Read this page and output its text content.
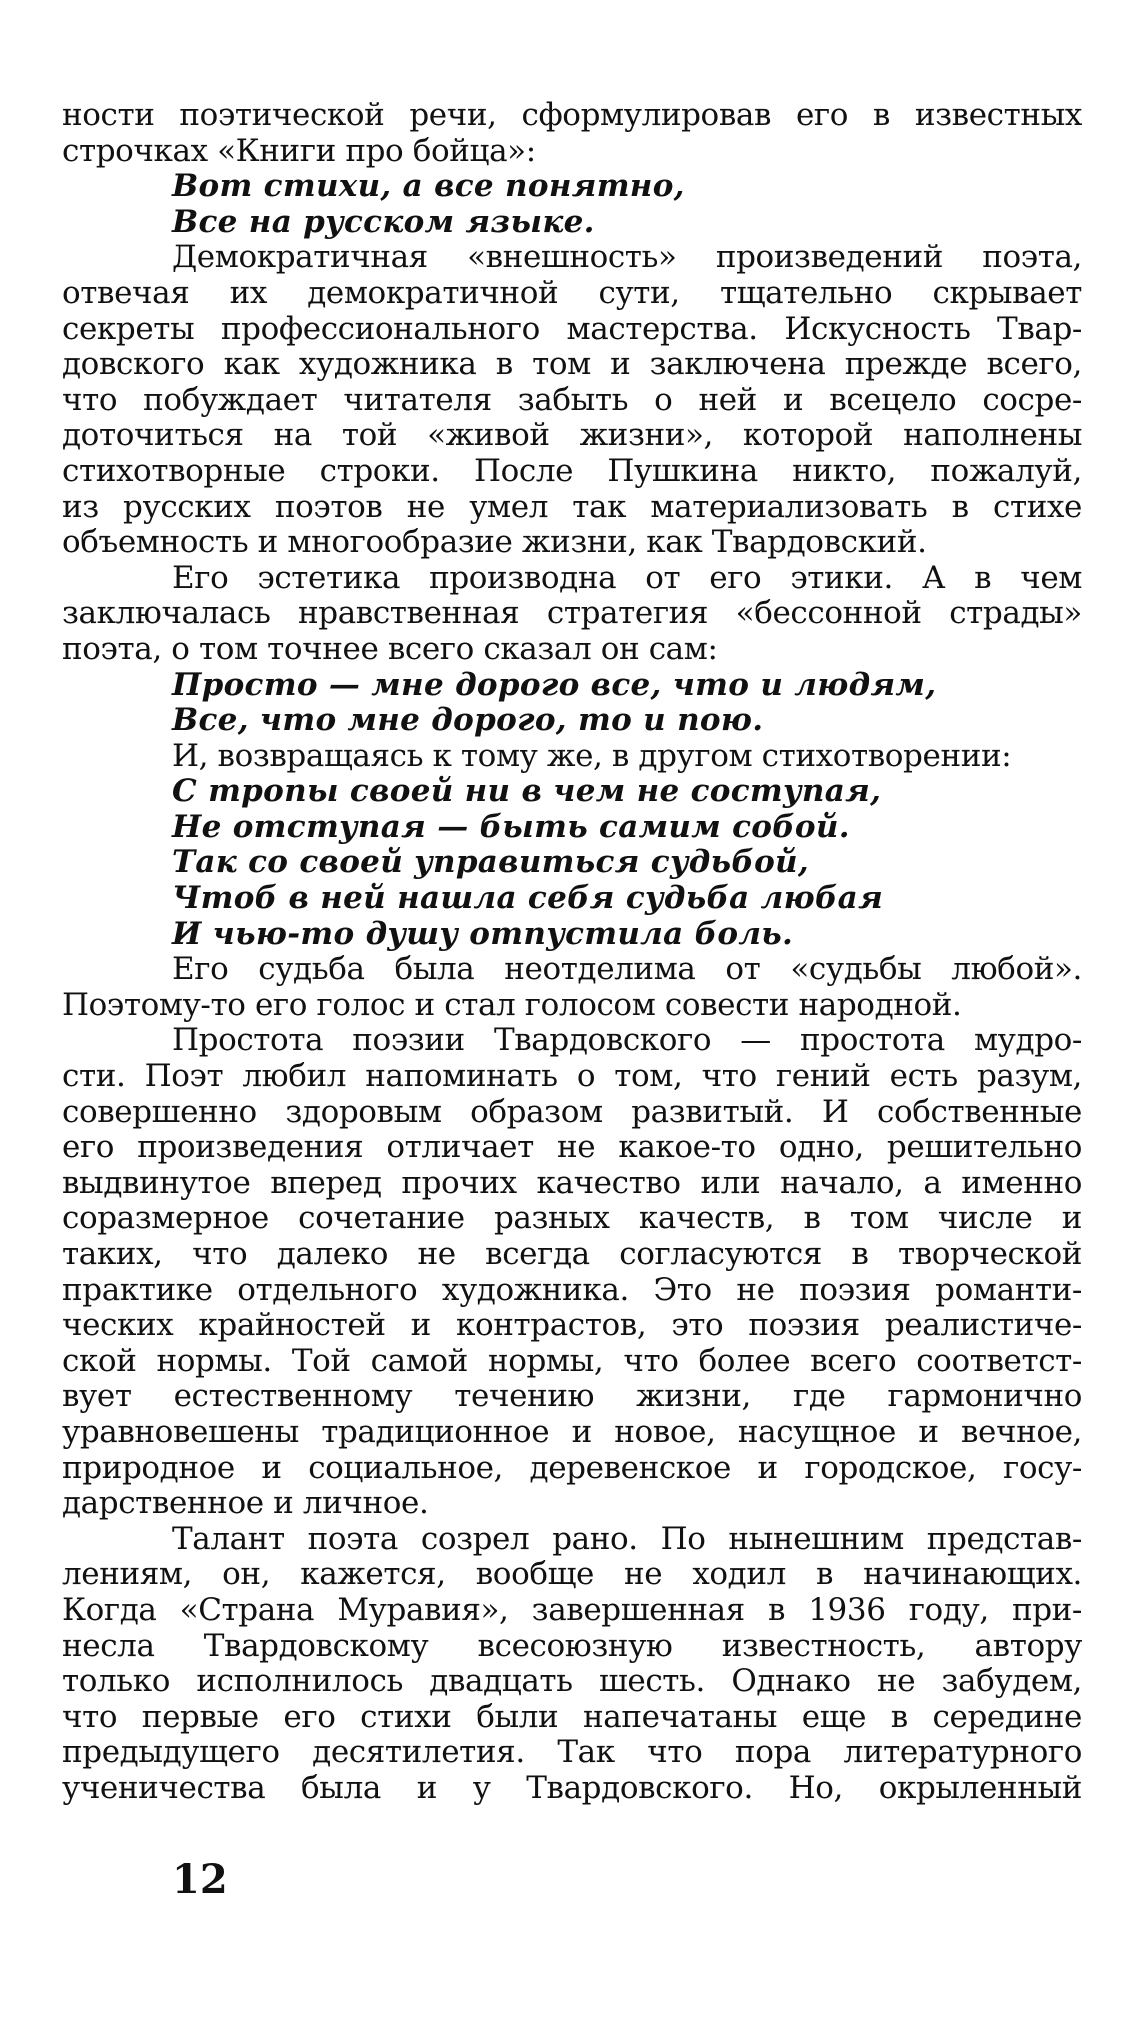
ности поэтической речи, сформулировав его в известных
строчках «Книги про бойца»:
Вот стихи, а все понятно,
Все на русском языке.
Демократичная «внешность» произведений поэта,
отвечая их демократичной сути, тщательно скрывает
секреты профессионального мастерства. Искусность Твар-
довского как художника в том и заключена прежде всего,
что побуждает читателя забыть о ней и всецело сосре-
доточиться на той «живой жизни», которой наполнены
стихотворные строки. После Пушкина никто, пожалуй,
из русских поэтов не умел так материализовать в стихе
объемность и многообразие жизни, как Твардовский.
Его эстетика производна от его этики. А в чем
заключалась нравственная стратегия «бессонной страды»
поэта, о том точнее всего сказал он сам:
Просто — мне дорого все, что и людям,
Все, что мне дорого, то и пою.
И, возвращаясь к тому же, в другом стихотворении:
С тропы своей ни в чем не соступая,
Не отступая — быть самим собой.
Так со своей управиться судьбой,
Чтоб в ней нашла себя судьба любая
И чью-то душу отпустила боль.
Его судьба была неотделима от «судьбы любой».
Поэтому-то его голос и стал голосом совести народной.
Простота поэзии Твардовского — простота мудро-
сти. Поэт любил напоминать о том, что гений есть разум,
совершенно здоровым образом развитый. И собственные
его произведения отличает не какое-то одно, решительно
выдвинутое вперед прочих качество или начало, а именно
соразмерное сочетание разных качеств, в том числе и
таких, что далеко не всегда согласуются в творческой
практике отдельного художника. Это не поэзия романти-
ческих крайностей и контрастов, это поэзия реалистиче-
ской нормы. Той самой нормы, что более всего соответст-
вует естественному течению жизни, где гармонично
уравновешены традиционное и новое, насущное и вечное,
природное и социальное, деревенское и городское, госу-
дарственное и личное.
Талант поэта созрел рано. По нынешним представ-
лениям, он, кажется, вообще не ходил в начинающих.
Когда «Страна Муравия», завершенная в 1936 году, при-
несла Твардовскому всесоюзную известность, автору
только исполнилось двадцать шесть. Однако не забудем,
что первые его стихи были напечатаны еще в середине
предыдущего десятилетия. Так что пора литературного
ученичества была и у Твардовского. Но, окрыленный
12
